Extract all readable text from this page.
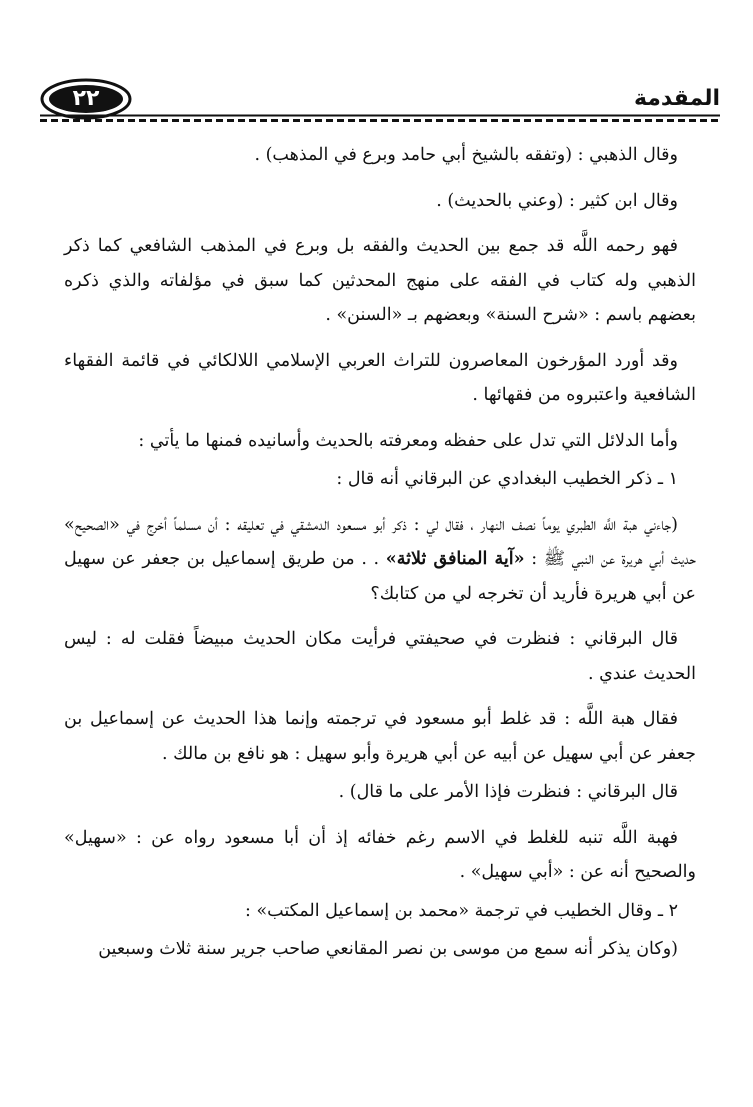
٢٢	المقدمة

وقال الذهبي : (وتفقه بالشيخ أبي حامد وبرع في المذهب) .

وقال ابن كثير : (وعني بالحديث) .

فهو رحمه اللَّه قد جمع بين الحديث والفقه بل وبرع في المذهب الشافعي كما ذكر الذهبي وله كتاب في الفقه على منهج المحدثين كما سبق في مؤلفاته والذي ذكره بعضهم باسم : «شرح السنة» وبعضهم بـ «السنن» .

وقد أورد المؤرخون المعاصرون للتراث العربي الإسلامي اللالكائي في قائمة الفقهاء الشافعية واعتبروه من فقهائها .

وأما الدلائل التي تدل على حفظه ومعرفته بالحديث وأسانيده فمنها ما يأتي :

١ ـ ذكر الخطيب البغدادي عن البرقاني أنه قال :

(جاءني هبة اللَّه الطبري يوماً نصف النهار ، فقال لي : ذكر أبو مسعود الدمشقي في تعليقه : أن مسلماً أخرج في «الصحيح» حديث أبي هريرة عن النبي ﷺ : «آية المنافق ثلاثة» . . من طريق إسماعيل بن جعفر عن سهيل عن أبي هريرة فأريد أن تخرجه لي من كتابك؟

قال البرقاني : فنظرت في صحيفتي فرأيت مكان الحديث مبيضاً فقلت له : ليس الحديث عندي .

فقال هبة اللَّه : قد غلط أبو مسعود في ترجمته وإنما هذا الحديث عن إسماعيل بن جعفر عن أبي سهيل عن أبيه عن أبي هريرة وأبو سهيل : هو نافع بن مالك .

قال البرقاني : فنظرت فإذا الأمر على ما قال) .

فهبة اللَّه تنبه للغلط في الاسم رغم خفائه إذ أن أبا مسعود رواه عن : «سهيل» والصحيح أنه عن : «أبي سهيل» .

٢ ـ وقال الخطيب في ترجمة «محمد بن إسماعيل المكتب» :

(وكان يذكر أنه سمع من موسى بن نصر المقانعي صاحب جرير سنة ثلاث وسبعين
